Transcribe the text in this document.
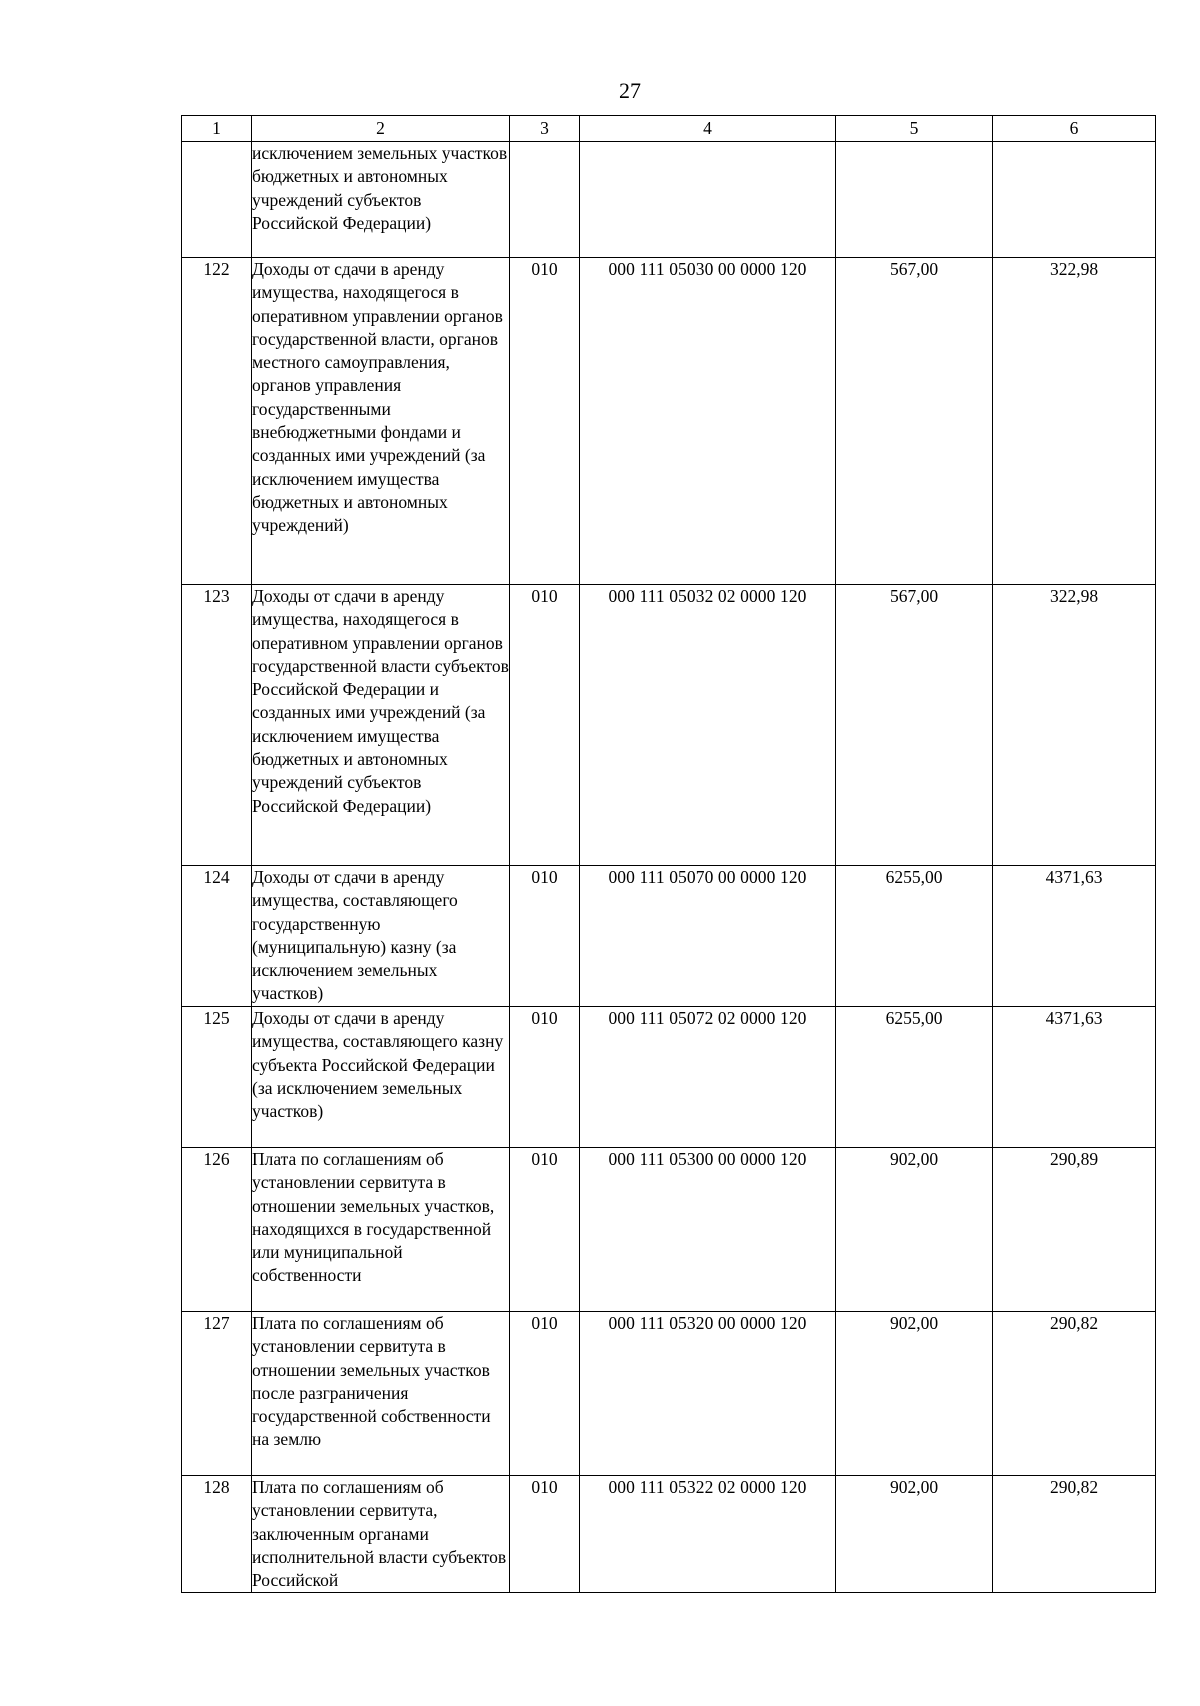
27
1	2	3	4	5	6
	исключением земельных участков бюджетных и автономных учреждений субъектов Российской Федерации)				
122	Доходы от сдачи в аренду имущества, находящегося в оперативном управлении органов государственной власти, органов местного самоуправления, органов управления государственными внебюджетными фондами и созданных ими учреждений (за исключением имущества бюджетных и автономных учреждений)	010	000 111 05030 00 0000 120	567,00	322,98
123	Доходы от сдачи в аренду имущества, находящегося в оперативном управлении органов государственной власти субъектов Российской Федерации и созданных ими учреждений (за исключением имущества бюджетных и автономных учреждений субъектов Российской Федерации)	010	000 111 05032 02 0000 120	567,00	322,98
124	Доходы от сдачи в аренду имущества, составляющего государственную (муниципальную) казну (за исключением земельных участков)	010	000 111 05070 00 0000 120	6255,00	4371,63
125	Доходы от сдачи в аренду имущества, составляющего казну субъекта Российской Федерации (за исключением земельных участков)	010	000 111 05072 02 0000 120	6255,00	4371,63
126	Плата по соглашениям об установлении сервитута в отношении земельных участков, находящихся в государственной или муниципальной собственности	010	000 111 05300 00 0000 120	902,00	290,89
127	Плата по соглашениям об установлении сервитута в отношении земельных участков после разграничения государственной собственности на землю	010	000 111 05320 00 0000 120	902,00	290,82
128	Плата по соглашениям об установлении сервитута, заключенным органами исполнительной власти субъектов Российской	010	000 111 05322 02 0000 120	902,00	290,82
